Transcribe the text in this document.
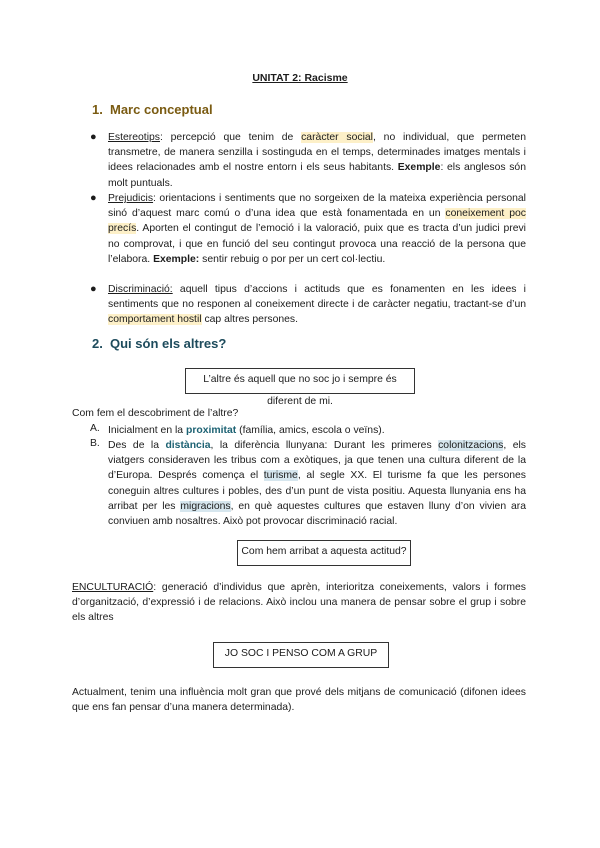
UNITAT 2: Racisme
1. Marc conceptual
●	Estereotips: percepció que tenim de caràcter social, no individual, que permeten transmetre, de manera senzilla i sostinguda en el temps, determinades imatges mentals i idees relacionades amb el nostre entorn i els seus habitants. Exemple: els anglesos són molt puntuals.
●	Prejudicis: orientacions i sentiments que no sorgeixen de la mateixa experiència personal sinó d’aquest marc comú o d’una idea que està fonamentada en un coneixement poc precís. Aporten el contingut de l’emoció i la valoració, puix que es tracta d’un judici previ no comprovat, i que en funció del seu contingut provoca una reacció de la persona que l’elabora. Exemple: sentir rebuig o por per un cert col·lectiu.
●	Discriminació: aquell tipus d’accions i actituds que es fonamenten en les idees i sentiments que no responen al coneixement directe i de caràcter negatiu, tractant-se d’un comportament hostil cap altres persones.
2. Qui són els altres?
L’altre és aquell que no soc jo i sempre és diferent de mi.
Com fem el descobriment de l’altre?
A. Inicialment en la proximitat (família, amics, escola o veïns).
B. Des de la distància, la diferència llunyana: Durant les primeres colonitzacions, els viatgers consideraven les tribus com a exòtiques, ja que tenen una cultura diferent de la d’Europa. Després comença el turisme, al segle XX. El turisme fa que les persones coneguin altres cultures i pobles, des d’un punt de vista positiu. Aquesta llunyania ens ha arribat per les migracions, en què aquestes cultures que estaven lluny d’on vivien ara conviuen amb nosaltres. Això pot provocar discriminació racial.
Com hem arribat a aquesta actitud?
ENCULTURACIÓ: generació d’individus que aprèn, interioritza coneixements, valors i formes d’organització, d’expressió i de relacions. Això inclou una manera de pensar sobre el grup i sobre els altres
JO SOC I PENSO COM A GRUP
Actualment, tenim una influència molt gran que prové dels mitjans de comunicació (difonen idees que ens fan pensar d’una manera determinada).
